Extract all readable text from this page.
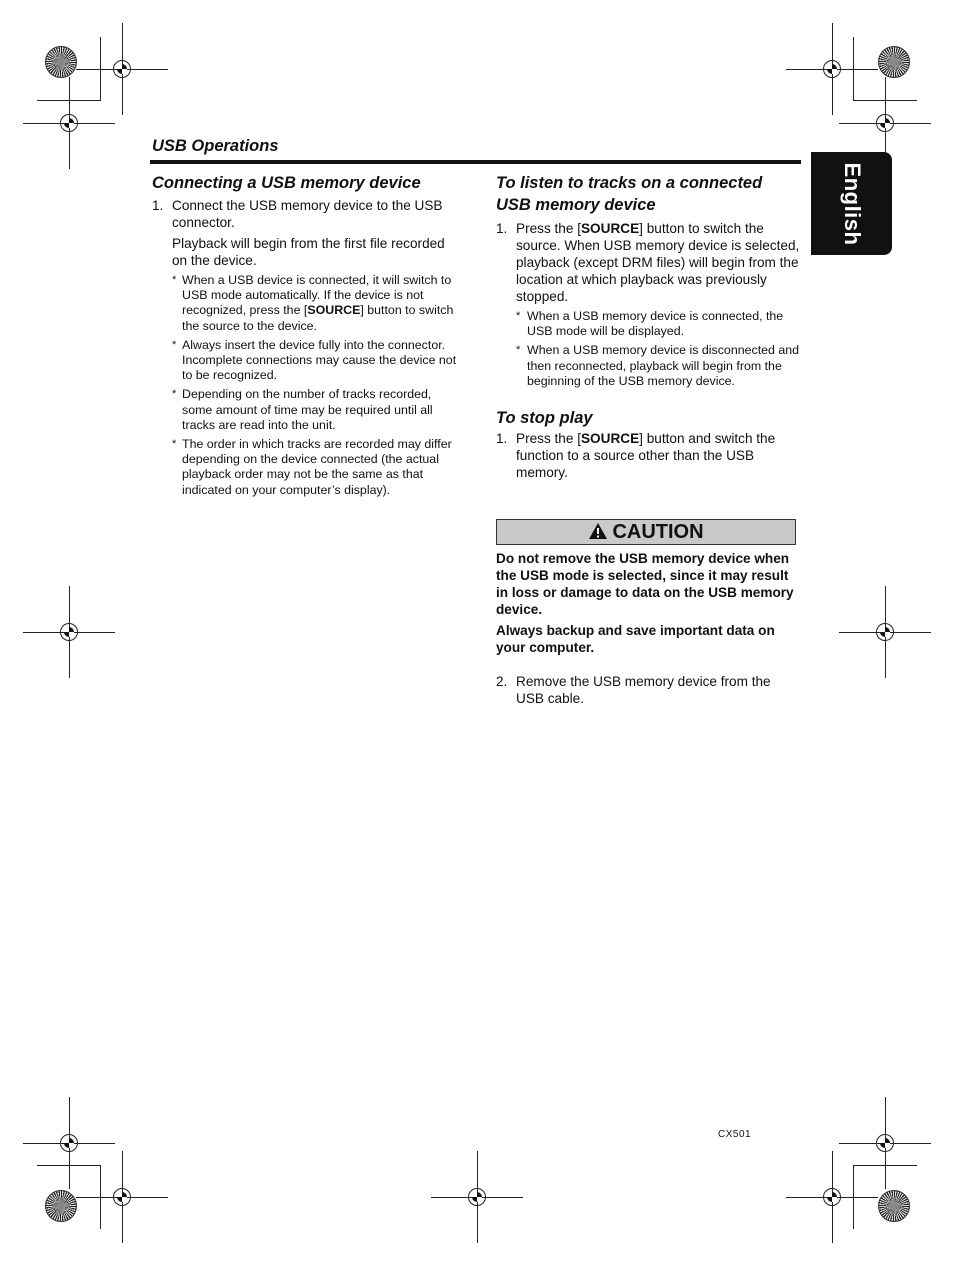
USB Operations
English
Connecting a USB memory device
1. Connect the USB memory device to the USB connector.
Playback will begin from the first file recorded on the device.
* When a USB device is connected, it will switch to USB mode automatically. If the device is not recognized, press the [SOURCE] button to switch the source to the device.
* Always insert the device fully into the connector. Incomplete connections may cause the device not to be recognized.
* Depending on the number of tracks recorded, some amount of time may be required until all tracks are read into the unit.
* The order in which tracks are recorded may differ depending on the device connected (the actual playback order may not be the same as that indicated on your computer’s display).
To listen to tracks on a connected USB memory device
1. Press the [SOURCE] button to switch the source. When USB memory device is selected, playback (except DRM files) will begin from the location at which playback was previously stopped.
* When a USB memory device is connected, the USB mode will be displayed.
* When a USB memory device is disconnected and then reconnected, playback will begin from the beginning of the USB memory device.
To stop play
1. Press the [SOURCE] button and switch the function to a source other than the USB memory.
CAUTION
Do not remove the USB memory device when the USB mode is selected, since it may result in loss or damage to data on the USB memory device.
Always backup and save important data on your computer.
2. Remove the USB memory device from the USB cable.
CX501
